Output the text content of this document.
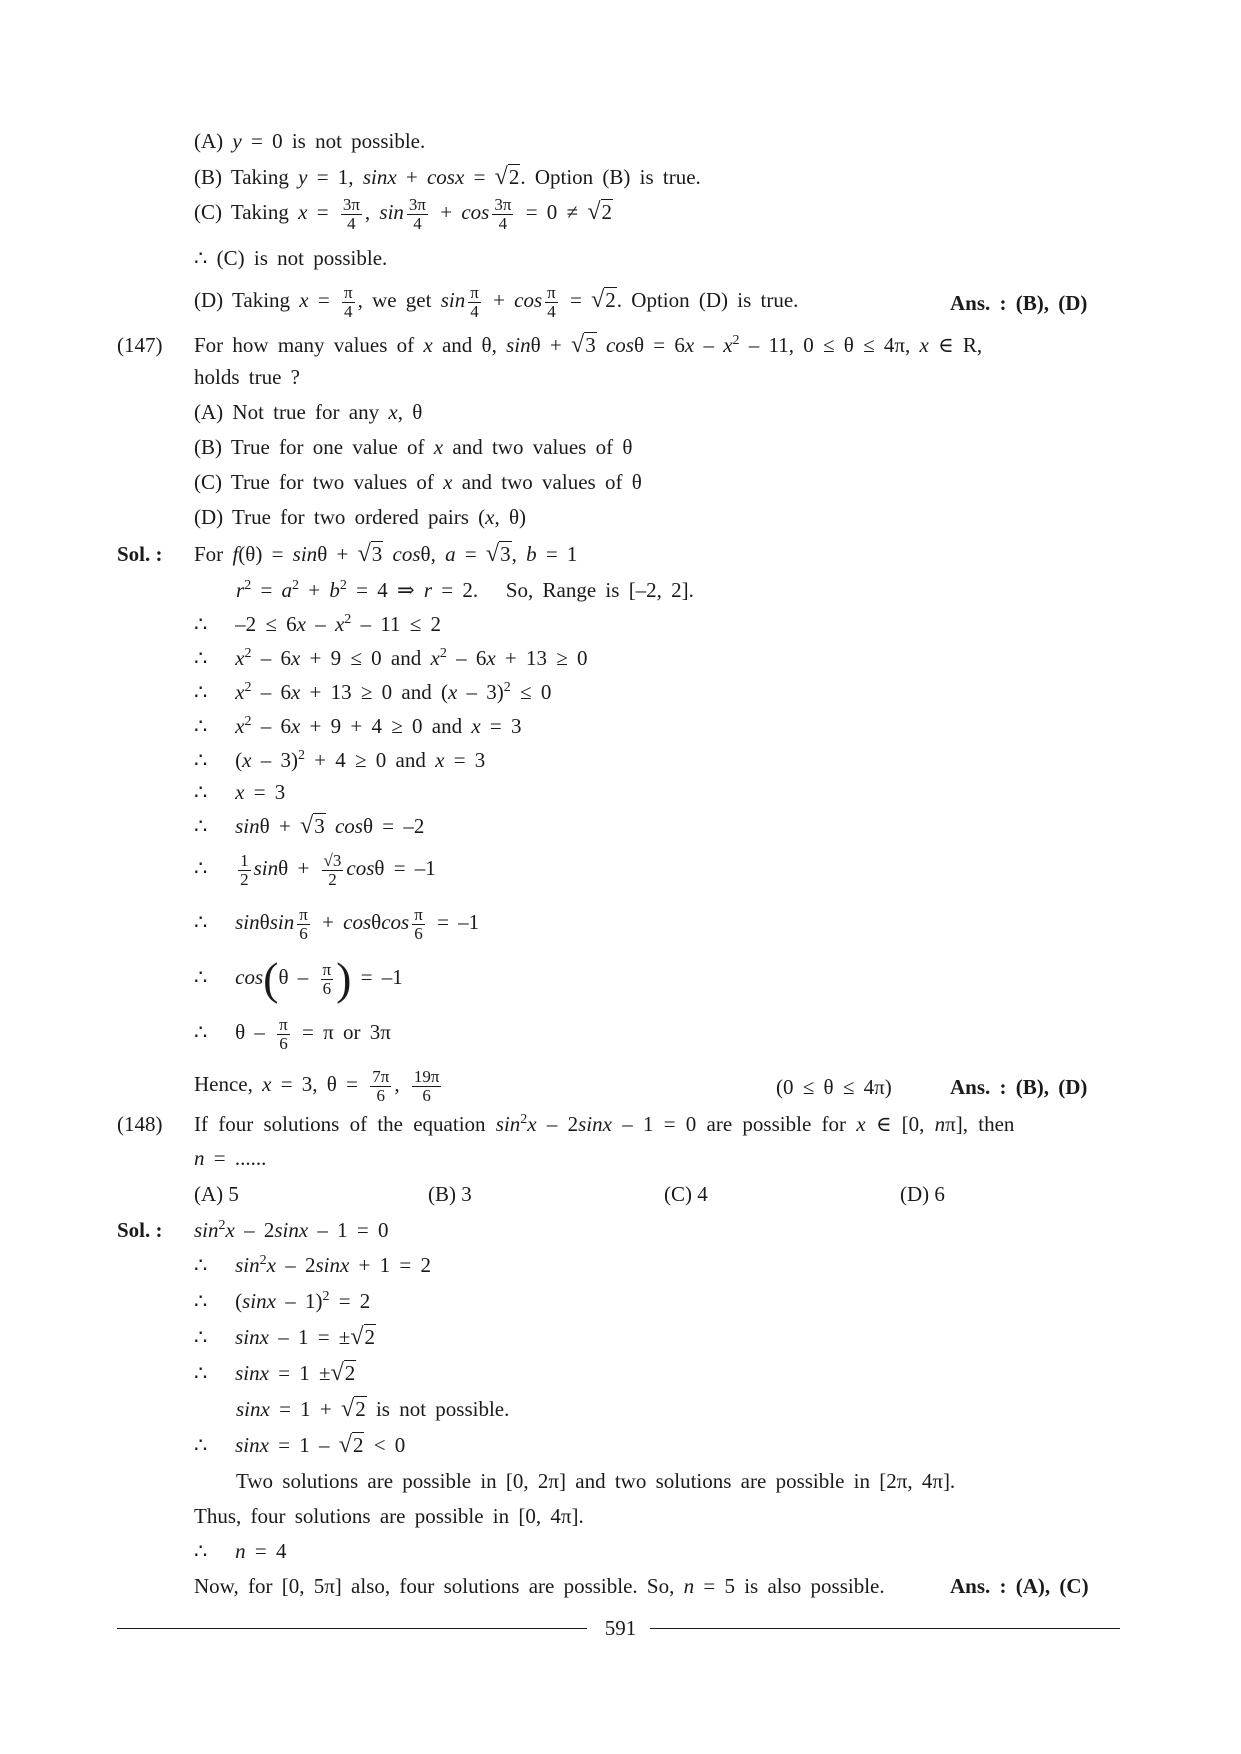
(A) y = 0 is not possible.
(B) Taking y = 1, sinx + cosx = √2. Option (B) is true.
(C) Taking $x = \frac{3\pi}{4}$ , $\sin \frac{3\pi}{4} + \cos \frac{3\pi}{4} = 0 \ne √2$
∴ (C) is not possible.
(D) Taking $x = \frac{\pi}{4}$ , we get $\sin \frac{\pi}{4} + \cos \frac{\pi}{4} = √2$. Option (D) is true.	Ans. : (B), (D)
(147) For how many values of x and θ, sinθ + √3 $\cos\theta = 6x - x^2 - 11$, 0 ≤ θ ≤ 4π, x ∈ R,
holds true ?
(A) Not true for any x, θ
(B) True for one value of x and two values of θ
(C) True for two values of x and two values of θ
(D) True for two ordered pairs (x, θ)
Sol. : For f(θ) = sinθ + √3 cosθ, a = √3, b = 1
$r^2 = a^2 + b^2 = 4$ ⇒ r = 2.   So, Range is [–2, 2].
∴   $-2 \le 6x - x^2 - 11 \le 2$
∴   $x^2 - 6x + 9 \le 0$ and $x^2 - 6x + 13 \ge 0$
∴   $x^2 - 6x + 13 \ge 0$ and (x – 3)$^2$ ≤ 0
∴   $x^2 - 6x + 9 + 4 \ge 0$ and x = 3
∴   (x – 3)$^2$ + 4 ≥ 0 and x = 3
∴   x = 3
∴   sinθ + √3 cosθ = –2
∴ $\frac{1}{2}$ $\sin\theta + \frac{√3}{2}$ cosθ = –1
∴   sinθsin $\frac{\pi}{6} + \cos\theta\cos \frac{\pi}{6} = -1$
∴   $\cos(\theta - \frac{\pi}{6}$ ) = –1
∴   $\theta - \frac{\pi}{6} = \pi$ or 3π
Hence, x = 3, $\theta = \frac{7\pi}{6}$ , $\frac{19\pi}{6}$	(0 ≤ θ ≤ 4π)	Ans. : (B), (D)
(148) If four solutions of the equation $\sin^2x - 2\sin x - 1 = 0$ are possible for x ∈ [0, nπ], then
n = ......
(A) 5	(B) 3	(C) 4	(D) 6
Sol. : $\sin^2x - 2\sin x - 1 = 0$
∴   $\sin^2x - 2\sin x + 1 = 2$
∴   (sinx – 1)$^2$ = 2
∴   sinx – 1 = ±√2
∴   sinx = 1 ±√2
sinx = 1 + √2 is not possible.
∴   sinx = 1 – √2 < 0
Two solutions are possible in [0, 2π] and two solutions are possible in [2π, 4π].
Thus, four solutions are possible in [0, 4π].
∴   n = 4
Now, for [0, 5π] also, four solutions are possible. So, n = 5 is also possible.	Ans. : (A), (C)
591
